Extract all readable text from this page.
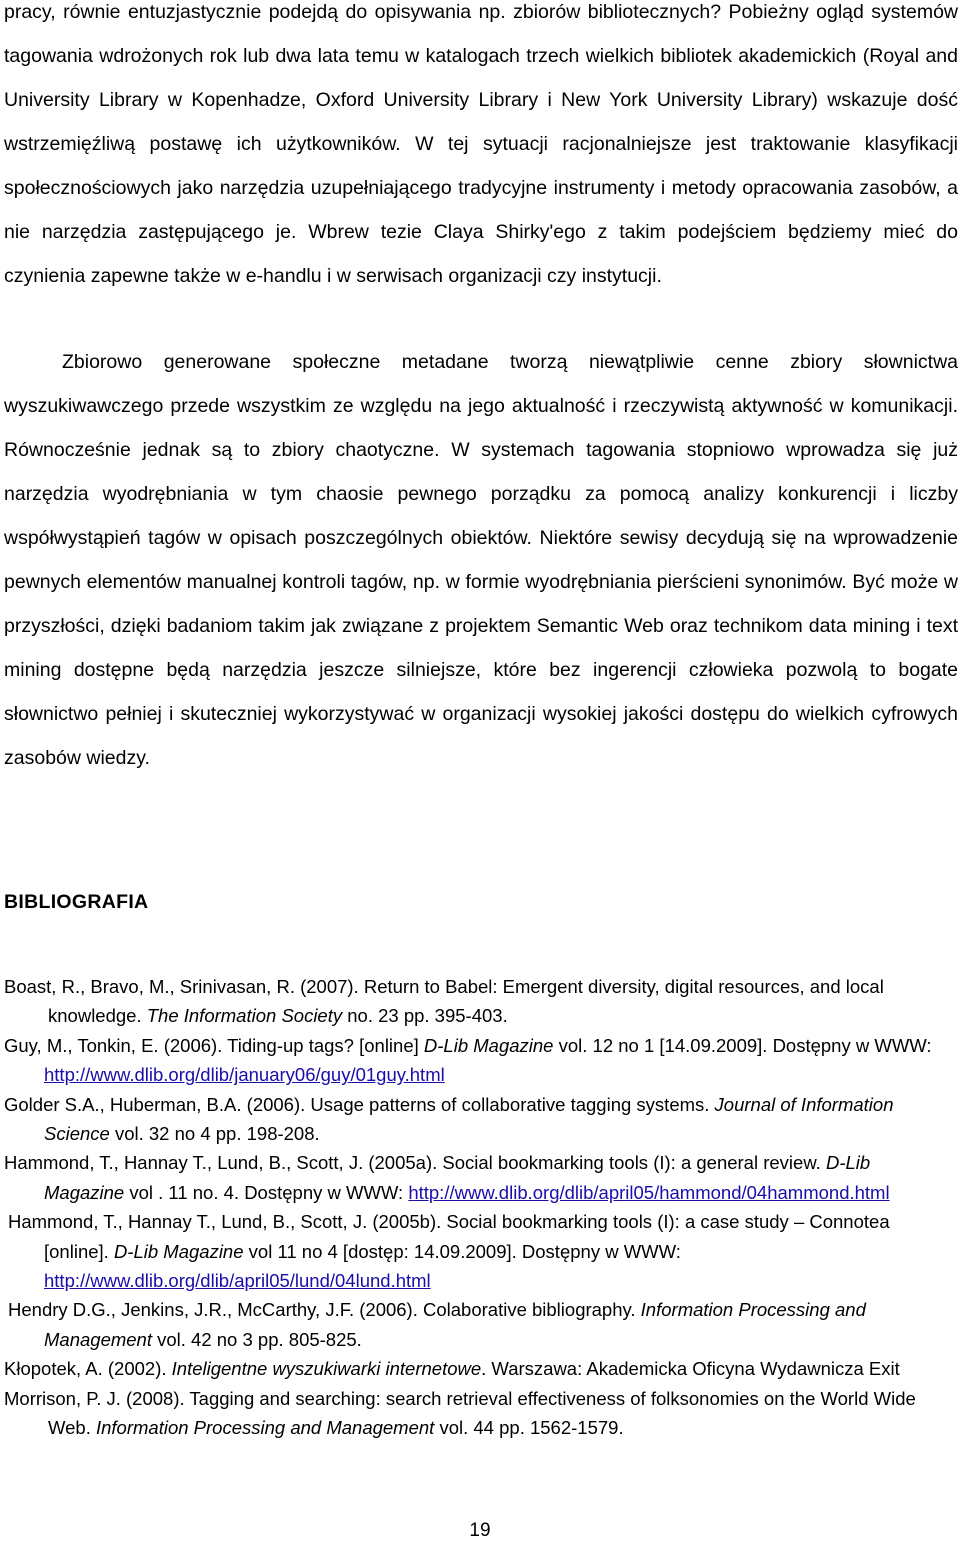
pracy, równie entuzjastycznie podejdą do opisywania np. zbiorów bibliotecznych? Pobieżny ogląd systemów tagowania wdrożonych rok lub dwa lata temu w katalogach trzech wielkich bibliotek akademickich (Royal and University Library w Kopenhadze, Oxford University Library i New York University Library) wskazuje dość wstrzemięźliwą postawę ich użytkowników. W tej sytuacji racjonalniejsze jest traktowanie klasyfikacji społecznościowych jako narzędzia uzupełniającego tradycyjne instrumenty i metody opracowania zasobów, a nie narzędzia zastępującego je. Wbrew tezie Claya Shirky'ego z takim podejściem będziemy mieć do czynienia zapewne także w e-handlu i w serwisach organizacji czy instytucji.

Zbiorowo generowane społeczne metadane tworzą niewątpliwie cenne zbiory słownictwa wyszukiwawczego przede wszystkim ze względu na jego aktualność i rzeczywistą aktywność w komunikacji. Równocześnie jednak są to zbiory chaotyczne. W systemach tagowania stopniowo wprowadza się już narzędzia wyodrębniania w tym chaosie pewnego porządku za pomocą analizy konkurencji i liczby współwystąpień tagów w opisach poszczególnych obiektów. Niektóre sewisy decydują się na wprowadzenie pewnych elementów manualnej kontroli tagów, np. w formie wyodrębniania pierścieni synonimów. Być może w przyszłości, dzięki badaniom takim jak związane z projektem Semantic Web oraz technikom data mining i text mining dostępne będą narzędzia jeszcze silniejsze, które bez ingerencji człowieka pozwolą to bogate słownictwo pełniej i skuteczniej wykorzystywać w organizacji wysokiej jakości dostępu do wielkich cyfrowych zasobów wiedzy.

BIBLIOGRAFIA
Boast, R., Bravo, M., Srinivasan, R. (2007). Return to Babel: Emergent diversity, digital resources, and local knowledge. The Information Society no. 23 pp. 395-403.
Guy, M., Tonkin, E. (2006). Tiding-up tags? [online] D-Lib Magazine vol. 12 no 1 [14.09.2009]. Dostępny w WWW: http://www.dlib.org/dlib/january06/guy/01guy.html
Golder S.A., Huberman, B.A. (2006). Usage patterns of collaborative tagging systems. Journal of Information Science vol. 32 no 4 pp. 198-208.
Hammond, T., Hannay T., Lund, B., Scott, J. (2005a). Social bookmarking tools (I): a general review. D-Lib Magazine vol . 11 no. 4. Dostępny w WWW: http://www.dlib.org/dlib/april05/hammond/04hammond.html
Hammond, T., Hannay T., Lund, B., Scott, J. (2005b). Social bookmarking tools (I): a case study – Connotea [online]. D-Lib Magazine vol 11 no 4 [dostęp: 14.09.2009]. Dostępny w WWW: http://www.dlib.org/dlib/april05/lund/04lund.html
Hendry D.G., Jenkins, J.R., McCarthy, J.F. (2006). Colaborative bibliography. Information Processing and Management vol. 42 no 3 pp. 805-825.
Kłopotek, A. (2002). Inteligentne wyszukiwarki internetowe. Warszawa: Akademicka Oficyna Wydawnicza Exit
Morrison, P. J. (2008). Tagging and searching: search retrieval effectiveness of folksonomies on the World Wide Web. Information Processing and Management vol. 44 pp. 1562-1579.
19
